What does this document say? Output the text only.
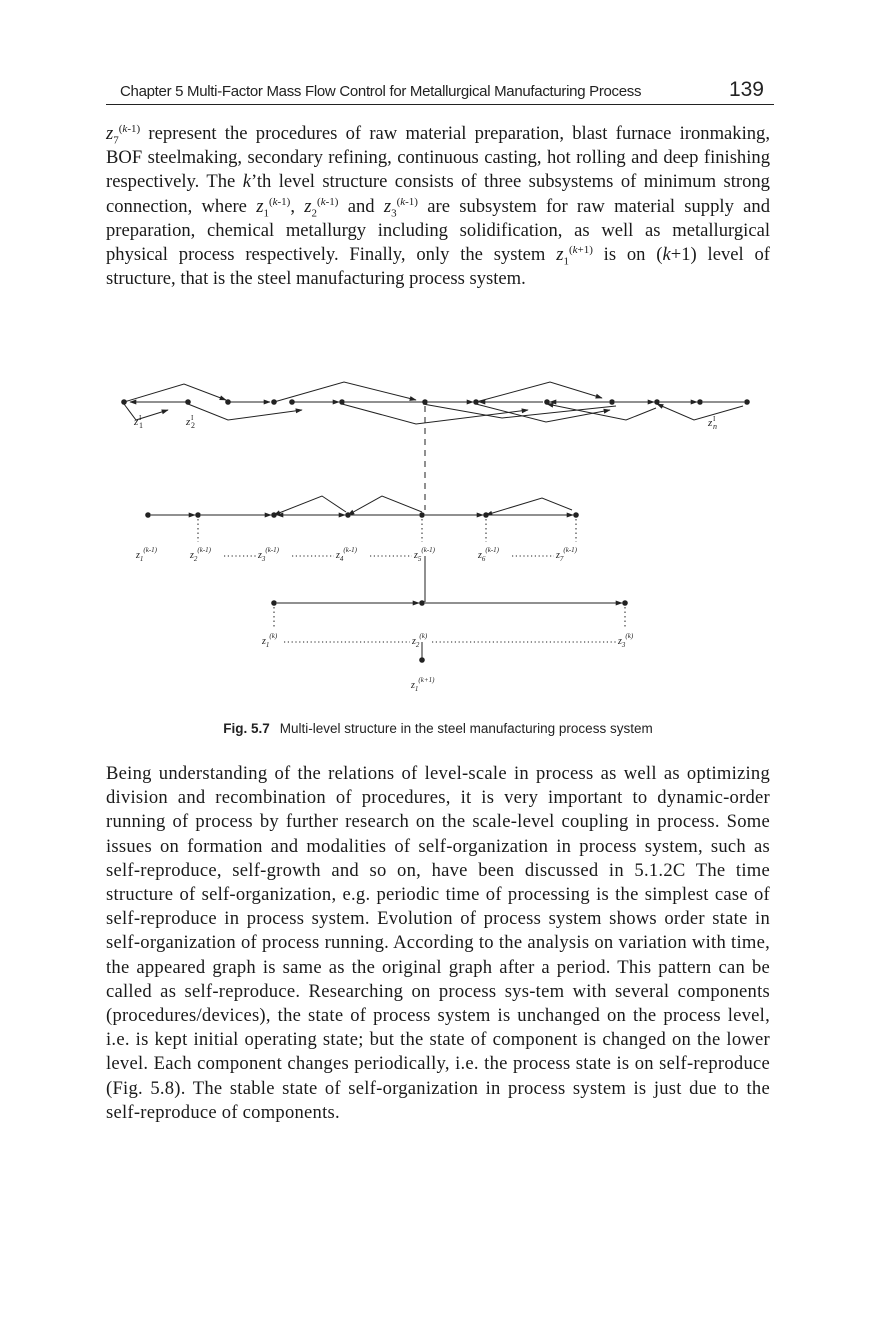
Chapter 5 Multi-Factor Mass Flow Control for Metallurgical Manufacturing Process	139
$z_7^{(k-1)}$ represent the procedures of raw material preparation, blast furnace ironmaking, BOF steelmaking, secondary refining, continuous casting, hot rolling and deep finishing respectively. The k’th level structure consists of three subsystems of minimum strong connection, where $z_1^{(k-1)}$, $z_2^{(k-1)}$ and $z_3^{(k-1)}$ are subsystem for raw material supply and preparation, chemical metallurgy including solidification, as well as metallurgical physical process respectively. Finally, only the system $z_1^{(k+1)}$ is on (k+1) level of structure, that is the steel manufacturing process system.
z 1
I	z 2
I	z n
I
$z_1^{(k-1)}$	$z_2^{(k-1)}$	$z_3^{(k-1)}$	$z_4^{(k-1)}$	$z_5^{(k-1)}$	$z_6^{(k-1)}$	$z_7^{(k-1)}$
$z_1^{(k)}$	$z_2^{(k)}$	$z_3^{(k)}$
$z_1^{(k+1)}$
Fig. 5.7 Multi-level structure in the steel manufacturing process system
Being understanding of the relations of level-scale in process as well as optimizing division and recombination of procedures, it is very important to dynamic-order running of process by further research on the scale-level coupling in process. Some issues on formation and modalities of self-organization in process system, such as self-reproduce, self-growth and so on, have been discussed in 5.1.2C The time structure of self-organization, e.g. periodic time of processing is the simplest case of self-reproduce in process system. Evolution of process system shows order state in self-organization of process running. According to the analysis on variation with time, the appeared graph is same as the original graph after a period. This pattern can be called as self-reproduce. Researching on process sys-tem with several components (procedures/devices), the state of process system is unchanged on the process level, i.e. is kept initial operating state; but the state of component is changed on the lower level. Each component changes periodically, i.e. the process state is on self-reproduce (Fig. 5.8). The stable state of self-organization in process system is just due to the self-reproduce of components.
